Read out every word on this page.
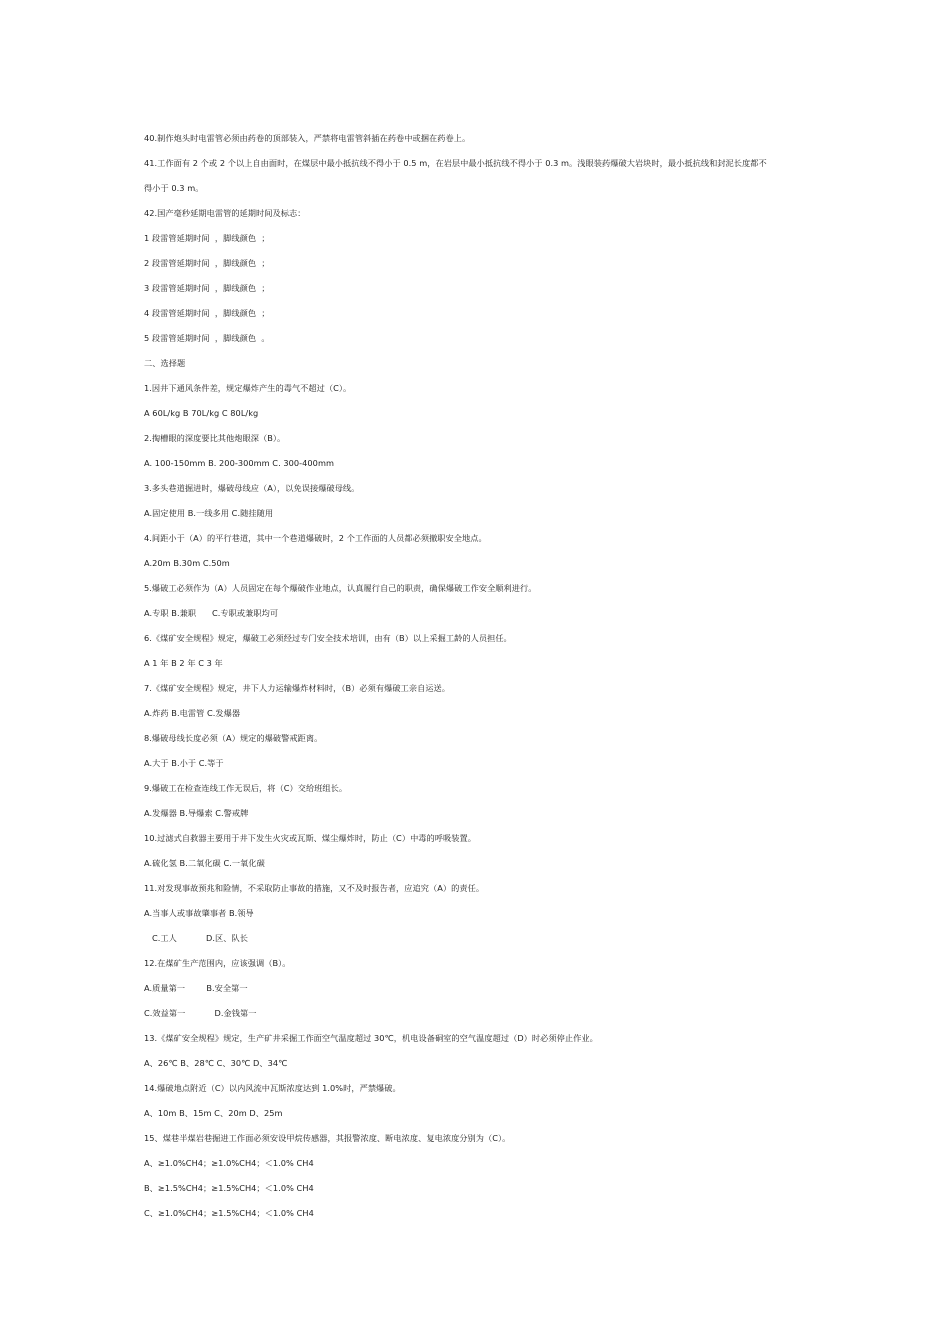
40.制作炮头时电雷管必须由药卷的顶部装入，严禁将电雷管斜插在药卷中或捆在药卷上。
41.工作面有 2 个或 2 个以上自由面时，在煤层中最小抵抗线不得小于 0.5 m，在岩层中最小抵抗线不得小于 0.3 m。浅眼装药爆破大岩块时，最小抵抗线和封泥长度都不
得小于 0.3 m。
42.国产毫秒延期电雷管的延期时间及标志：
1 段雷管延期时间  ，脚线颜色  ；
2 段雷管延期时间  ，脚线颜色  ；
3 段雷管延期时间  ，脚线颜色  ；
4 段雷管延期时间  ，脚线颜色  ；
5 段雷管延期时间  ，脚线颜色  。
二、选择题
1.因井下通风条件差，规定爆炸产生的毒气不超过（C）。
A 60L/kg B 70L/kg C 80L/kg
2.掏槽眼的深度要比其他炮眼深（B）。
A. 100-150mm B. 200-300mm C. 300-400mm
3.多头巷道掘进时，爆破母线应（A），以免误接爆破母线。
A.固定使用 B.一线多用 C.随挂随用
4.间距小于（A）的平行巷道，其中一个巷道爆破时，2 个工作面的人员都必须撤职安全地点。
A.20m B.30m C.50m
5.爆破工必须作为（A）人员固定在每个爆破作业地点，认真履行自己的职责，确保爆破工作安全顺利进行。
A.专职 B.兼职      C.专职或兼职均可
6.《煤矿安全规程》规定，爆破工必须经过专门安全技术培训，由有（B）以上采掘工龄的人员担任。
A 1 年 B 2 年 C 3 年
7.《煤矿安全规程》规定，井下人力运输爆炸材料时，（B）必须有爆破工亲自运送。
A.炸药 B.电雷管 C.发爆器
8.爆破母线长度必须（A）规定的爆破警戒距离。
A.大于 B.小于 C.等于
9.爆破工在检查连线工作无误后，将（C）交给班组长。
A.发爆器 B.导爆索 C.警戒牌
10.过滤式自救器主要用于井下发生火灾或瓦斯、煤尘爆炸时，防止（C）中毒的呼吸装置。
A.硫化氢 B.二氧化碳 C.一氧化碳
11.对发现事故预兆和险情，不采取防止事故的措施，又不及时报告者，应追究（A）的责任。
A.当事人或事故肇事者 B.领导
C.工人           D.区、队长
12.在煤矿生产范围内，应该强调（B）。
A.质量第一        B.安全第一
C.效益第一           D.金钱第一
13.《煤矿安全规程》规定，生产矿井采掘工作面空气温度超过 30℃，机电设备硐室的空气温度超过（D）时必须停止作业。
A、26℃ B、28℃ C、30℃ D、34℃
14.爆破地点附近（C）以内风流中瓦斯浓度达到 1.0%时，严禁爆破。
A、10m B、15m C、20m D、25m
15、煤巷半煤岩巷掘进工作面必须安设甲烷传感器，其报警浓度、断电浓度、复电浓度分别为（C）。
A、≥1.0%CH4；≥1.0%CH4；＜1.0% CH4
B、≥1.5%CH4；≥1.5%CH4；＜1.0% CH4
C、≥1.0%CH4；≥1.5%CH4；＜1.0% CH4
